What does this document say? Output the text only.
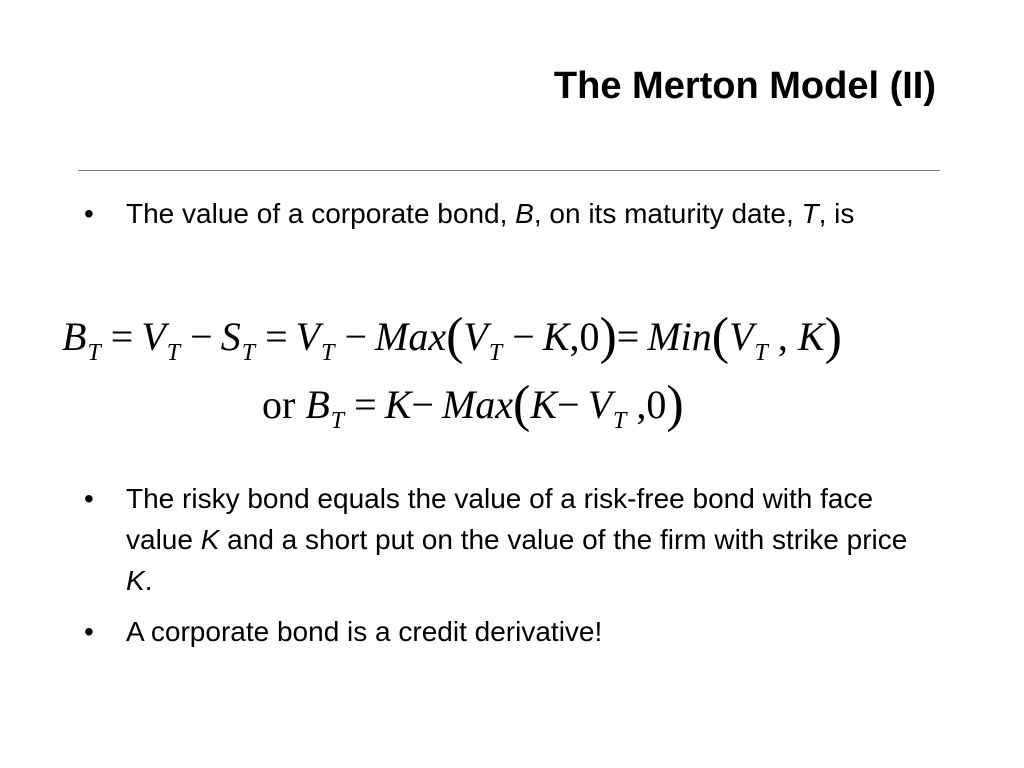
The Merton Model (II)
•	The value of a corporate bond, B, on its maturity date, T, is
$B_T = V_T - S_T = V_T - Max(V_T - K,0)= Min(V_T$ , K)
or $B_T = K- Max(K- V_T$ ,0)
•	The risky bond equals the value of a risk-free bond with face value K and a short put on the value of the firm with strike price K.
•	A corporate bond is a credit derivative!
